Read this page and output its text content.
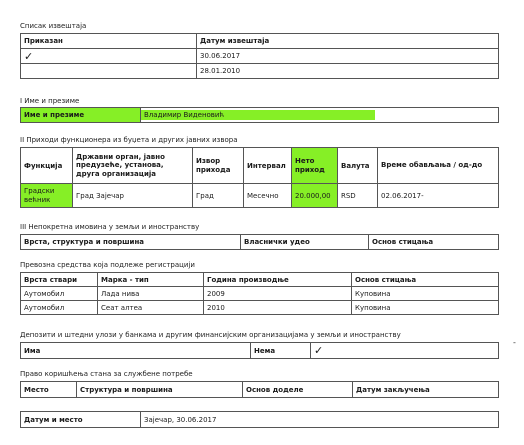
Списак извештаја
Приказан	Датум извештаја
✓	30.06.2017
	28.01.2010
I Име и презиме
Име и презиме	Владимир Виденовић
II Приходи функционера из буџета и других јавних извора
Функција	Државни орган, јавно предузеће, установа, друга организација	Извор прихода	Интервал	Нето приход	Валута	Време обављања / од-до
Градски већник	Град Зајечар	Град	Месечно	20.000,00	RSD	02.06.2017-
III Непокретна имовина у земљи и иностранству
Врста, структура и површина	Власнички удео	Основ стицања
Превозна средства која подлеже регистрацији
Врста ствари	Марка - тип	Година производње	Основ стицања
Аутомобил	Лада нива	2009	Куповина
Аутомобил	Сеат алтеа	2010	Куповина
Депозити и штедни улози у банкама и другим финансијским организацијама у земљи и иностранству
-
Има	Нема	✓
Право коришћења стана за службене потребе
Место	Структура и површина	Основ доделе	Датум закључења
Датум и место	Зајечар, 30.06.2017
